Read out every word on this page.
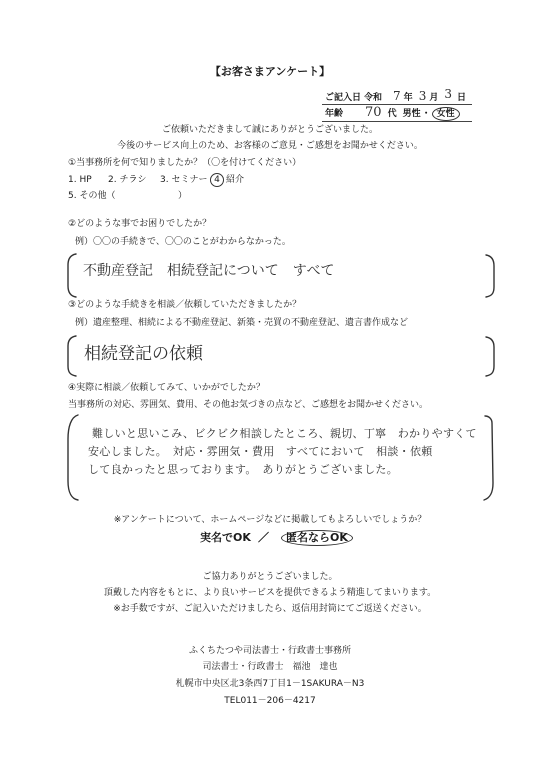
【お客さまアンケート】
ご記入日 令和 7 年 3 月 3 日
年齢 70 代 男性 ・ 女性
ご依頼いただきまして誠にありがとうございました。
今後のサービス向上のため、お客様のご意見・ご感想をお聞かせください。
①当事務所を何で知りましたか？（〇を付けてください）
1. HP 2. チラシ 3. セミナー 4 紹介
5. その他（	）
②どのような事でお困りでしたか？
例）〇〇の手続きで、〇〇のことがわからなかった。
不動産登記　相続登記について　すべて
③どのような手続きを相談／依頼していただきましたか？
例）遺産整理、相続による不動産登記、新築・売買の不動産登記、遺言書作成など
相続登記の依頼
④実際に相談／依頼してみて、いかがでしたか？
当事務所の対応、雰囲気、費用、その他お気づきの点など、ご感想をお聞かせください。
難しいと思いこみ、ビクビク相談したところ、親切、丁寧　わかりやすくて
安心しました。　対応・雰囲気・費用　すべてにおいて　相談・依頼
して良かったと思っております。　ありがとうございました。
※アンケートについて、ホームページなどに掲載してもよろしいでしょうか？
実名でOK ／	匿名ならOK
ご協力ありがとうございました。
頂戴した内容をもとに、より良いサービスを提供できるよう精進してまいります。
※お手数ですが、ご記入いただけましたら、返信用封筒にてご返送ください。
ふくちたつや司法書士・行政書士事務所
司法書士・行政書士　福池　達也
札幌市中央区北3条西7丁目1－1SAKURA－N3
TEL011－206－4217
